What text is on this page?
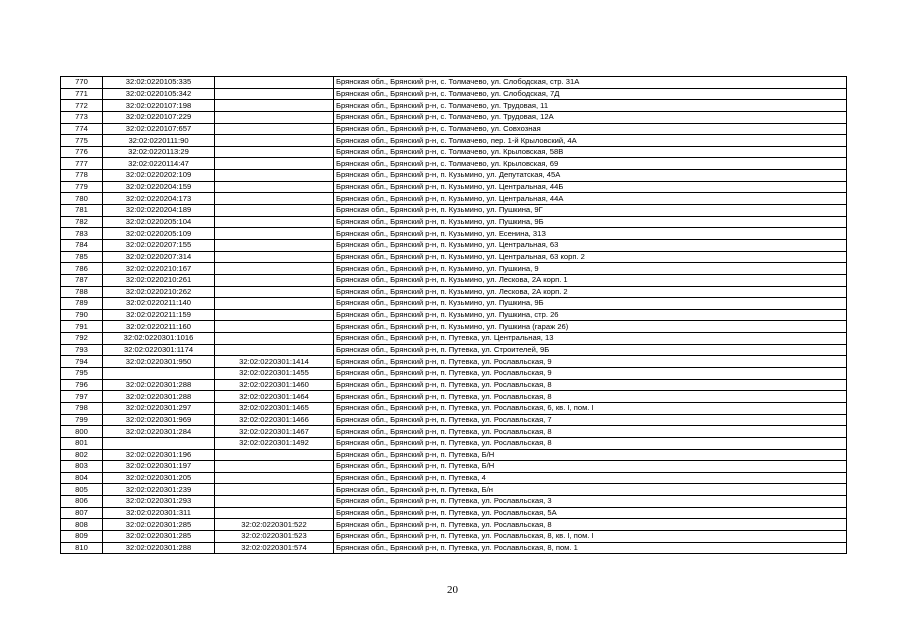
770	32:02:0220105:335		Брянская обл., Брянский р-н, с. Толмачево, ул. Слободская, стр. 31А
771	32:02:0220105:342		Брянская обл., Брянский р-н, с. Толмачево, ул. Слободская, 7Д
772	32:02:0220107:198		Брянская обл., Брянский р-н, с. Толмачево, ул. Трудовая, 11
773	32:02:0220107:229		Брянская обл., Брянский р-н, с. Толмачево, ул. Трудовая, 12А
774	32:02:0220107:657		Брянская обл., Брянский р-н, с. Толмачево, ул. Совхозная
775	32:02:0220111:90		Брянская обл., Брянский р-н, с. Толмачево, пер. 1-й Крыловский, 4А
776	32:02:0220113:29		Брянская обл., Брянский р-н, с. Толмачево, ул. Крыловская, 58В
777	32:02:0220114:47		Брянская обл., Брянский р-н, с. Толмачево, ул. Крыловская, 69
778	32:02:0220202:109		Брянская обл., Брянский р-н, п. Кузьмино, ул. Депутатская, 45А
779	32:02:0220204:159		Брянская обл., Брянский р-н, п. Кузьмино, ул. Центральная, 44Б
780	32:02:0220204:173		Брянская обл., Брянский р-н, п. Кузьмино, ул. Центральная, 44А
781	32:02:0220204:189		Брянская обл., Брянский р-н, п. Кузьмино, ул. Пушкина, 9Г
782	32:02:0220205:104		Брянская обл., Брянский р-н, п. Кузьмино, ул. Пушкина, 9Б
783	32:02:0220205:109		Брянская обл., Брянский р-н, п. Кузьмино, ул. Есенина, 31З
784	32:02:0220207:155		Брянская обл., Брянский р-н, п. Кузьмино, ул. Центральная, 63
785	32:02:0220207:314		Брянская обл., Брянский р-н, п. Кузьмино, ул. Центральная, 63 корп. 2
786	32:02:0220210:167		Брянская обл., Брянский р-н, п. Кузьмино, ул. Пушкина, 9
787	32:02:0220210:261		Брянская обл., Брянский р-н, п. Кузьмино, ул. Лескова, 2А корп. 1
788	32:02:0220210:262		Брянская обл., Брянский р-н, п. Кузьмино, ул. Лескова, 2А корп. 2
789	32:02:0220211:140		Брянская обл., Брянский р-н, п. Кузьмино, ул. Пушкина, 9Б
790	32:02:0220211:159		Брянская обл., Брянский р-н, п. Кузьмино, ул. Пушкина, стр. 26
791	32:02:0220211:160		Брянская обл., Брянский р-н, п. Кузьмино, ул. Пушкина (гараж 26)
792	32:02:0220301:1016		Брянская обл., Брянский р-н, п. Путевка, ул. Центральная, 13
793	32:02:0220301:1174		Брянская обл., Брянский р-н, п. Путевка, ул. Строителей, 9Б
794	32:02:0220301:950	32:02:0220301:1414	Брянская обл., Брянский р-н, п. Путевка, ул. Рославльская, 9
795		32:02:0220301:1455	Брянская обл., Брянский р-н, п. Путевка, ул. Рославльская, 9
796	32:02:0220301:288	32:02:0220301:1460	Брянская обл., Брянский р-н, п. Путевка, ул. Рославльская, 8
797	32:02:0220301:288	32:02:0220301:1464	Брянская обл., Брянский р-н, п. Путевка, ул. Рославльская, 8
798	32:02:0220301:297	32:02:0220301:1465	Брянская обл., Брянский р-н, п. Путевка, ул. Рославльская, 6, кв. I, пом. I
799	32:02:0220301:969	32:02:0220301:1466	Брянская обл., Брянский р-н, п. Путевка, ул. Рославльская, 7
800	32:02:0220301:284	32:02:0220301:1467	Брянская обл., Брянский р-н, п. Путевка, ул. Рославльская, 8
801		32:02:0220301:1492	Брянская обл., Брянский р-н, п. Путевка, ул. Рославльская, 8
802	32:02:0220301:196		Брянская обл., Брянский р-н, п. Путевка, Б/Н
803	32:02:0220301:197		Брянская обл., Брянский р-н, п. Путевка, Б/Н
804	32:02:0220301:205		Брянская обл., Брянский р-н, п. Путевка, 4
805	32:02:0220301:239		Брянская обл., Брянский р-н, п. Путевка, Б/н
806	32:02:0220301:293		Брянская обл., Брянский р-н, п. Путевка, ул. Рославльская, 3
807	32:02:0220301:311		Брянская обл., Брянский р-н, п. Путевка, ул. Рославльская, 5А
808	32:02:0220301:285	32:02:0220301:522	Брянская обл., Брянский р-н, п. Путевка, ул. Рославльская, 8
809	32:02:0220301:285	32:02:0220301:523	Брянская обл., Брянский р-н, п. Путевка, ул. Рославльская, 8, кв. I, пом. I
810	32:02:0220301:288	32:02:0220301:574	Брянская обл., Брянский р-н, п. Путевка, ул. Рославльская, 8, пом. 1
20
